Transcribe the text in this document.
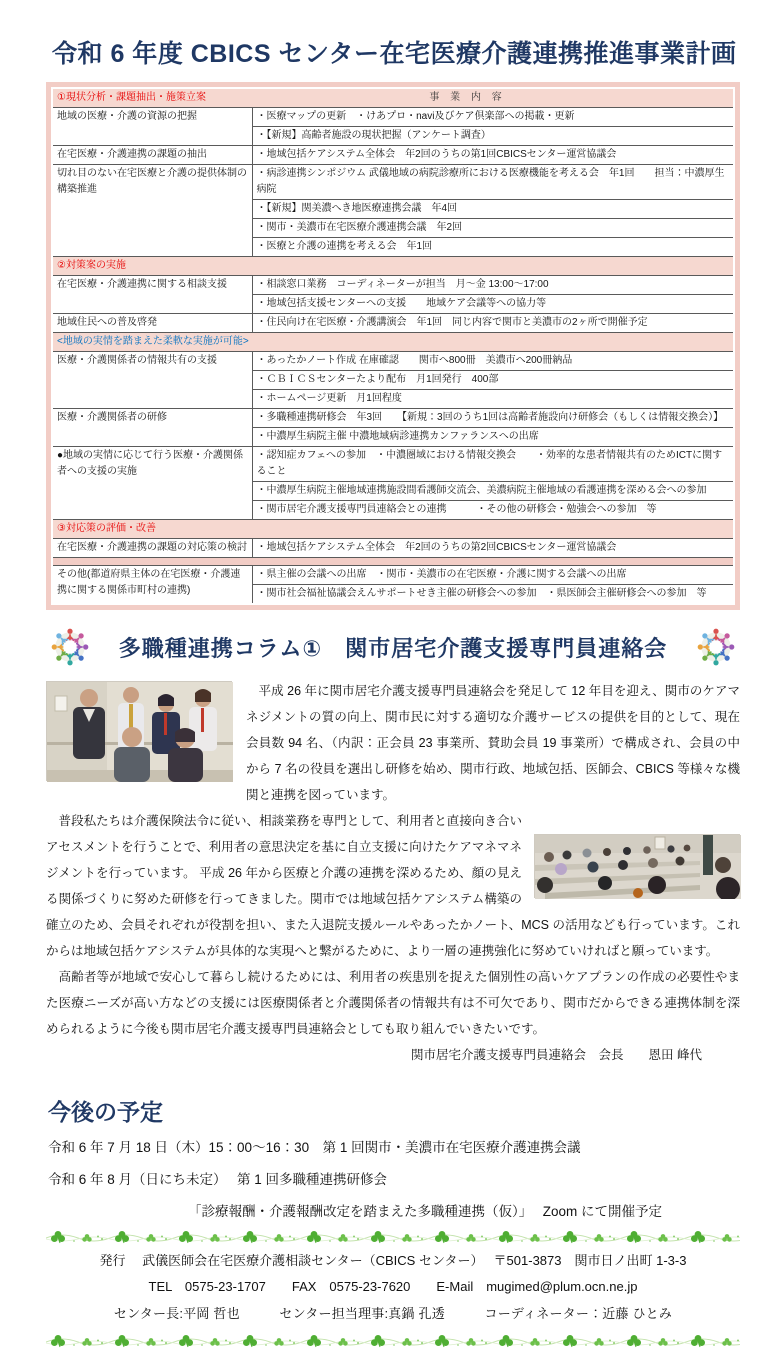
令和 6 年度 CBICS センター在宅医療介護連携推進事業計画
①現状分析・課題抽出・施策立案 事 業 内 容	

地域の医療・介護の資源の把握	・医療マップの更新　・けあプロ・navi及びケア倶楽部への掲載・更新
	・【新規】高齢者施設の現状把握（アンケート調査）
在宅医療・介護連携の課題の抽出	・地域包括ケアシステム全体会　年2回のうちの第1回CBICSセンター運営協議会
切れ目のない在宅医療と介護の提供体制の構築推進	・病診連携シンポジウム 武儀地域の病院診療所における医療機能を考える会　年1回　　担当：中濃厚生病院
	・【新規】関美濃へき地医療連携会議　年4回
	・関市・美濃市在宅医療介護連携会議　年2回
	・医療と介護の連携を考える会　年1回
②対策案の実施	
在宅医療・介護連携に関する相談支援	・相談窓口業務　コーディネーターが担当　月～金 13:00～17:00
	・地域包括支援センターへの支援　　地域ケア会議等への協力等
地域住民への普及啓発	・住民向け在宅医療・介護講演会　年1回　同じ内容で関市と美濃市の2ヶ所で開催予定
<地域の実情を踏まえた柔軟な実施が可能>	
医療・介護関係者の情報共有の支援	・あったかノート作成 在庫確認　　関市へ800冊　美濃市へ200冊納品
	・ＣＢＩＣＳセンターたより配布　月1回発行　400部
	・ホームページ更新　月1回程度
医療・介護関係者の研修	・多職種連携研修会　年3回　　【新規：3回のうち1回は高齢者施設向け研修会（もしくは情報交換会）】
	・中濃厚生病院主催 中濃地域病診連携カンファランスへの出席
●地域の実情に応じて行う医療・介護関係者への支援の実施	・認知症カフェへの参加　・中濃圏域における情報交換会　　・効率的な患者情報共有のためICTに関すること
	・中濃厚生病院主催地域連携施設間看護師交流会、美濃病院主催地域の看護連携を深める会への参加
	・関市居宅介護支援専門員連絡会との連携　　　・その他の研修会・勉強会への参加　等
③対応策の評価・改善	
在宅医療・介護連携の課題の対応策の検討	・地域包括ケアシステム全体会　年2回のうちの第2回CBICSセンター運営協議会

その他(都道府県主体の在宅医療・介護連携に関する関係市町村の連携)	・県主催の会議への出席　・関市・美濃市の在宅医療・介護に関する会議への出席
	・関市社会福祉協議会えんサポートせき主催の研修会への参加　・県医師会主催研修会への参加　等
多職種連携コラム①　関市居宅介護支援専門員連絡会

　平成 26 年に関市居宅介護支援専門員連絡会を発足して 12 年目を迎え、関市のケアマネジメントの質の向上、関市民に対する適切な介護サービスの提供を目的として、現在会員数 94 名、（内訳：正会員 23 事業所、賛助会員 19 事業所）で構成され、会員の中から 7 名の役員を選出し研修を始め、関市行政、地域包括、医師会、CBICS 等様々な機関と連携を図っています。

　普段私たちは介護保険法令に従い、相談業務を専門として、利用者と直接向き合いアセスメントを行うことで、利用者の意思決定を基に自立支援に向けたケアマネマネジメントを行っています。 平成 26 年から医療と介護の連携を深めるため、顔の見える関係づくりに努めた研修を行ってきました。関市では地域包括ケアシステム構築の確立のため、会員それぞれが役割を担い、また入退院支援ルールやあったかノート、MCS の活用なども行っています。これからは地域包括ケアシステムが具体的な実現へと繋がるために、より一層の連携強化に努めていければと願っています。

　高齢者等が地域で安心して暮らし続けるためには、利用者の疾患別を捉えた個別性の高いケアプランの作成の必要性やまた医療ニーズが高い方などの支援には医療関係者と介護関係者の情報共有は不可欠であり、関市だからできる連携体制を深められるように今後も関市居宅介護支援専門員連絡会としても取り組んでいきたいです。

関市居宅介護支援専門員連絡会　会長　　恩田 峰代

今後の予定

令和 6 年 7 月 18 日（木）15：00～16：30　第 1 回関市・美濃市在宅医療介護連携会議

令和 6 年 8 月（日にち未定）　 第 1 回多職種連携研修会

「診療報酬・介護報酬改定を踏まえた多職種連携（仮）」　 Zoom にて開催予定

発行　 武儀医師会在宅医療介護相談センター（CBICS センター）　 〒501-3873　関市日ノ出町 1-3-3

TEL　0575-23-1707　　FAX　0575-23-7620　　E-Mail　mugimed@plum.ocn.ne.jp

センター長:平岡 哲也　　　センター担当理事:真鍋 孔透　　　コーディネーター：近藤 ひとみ
